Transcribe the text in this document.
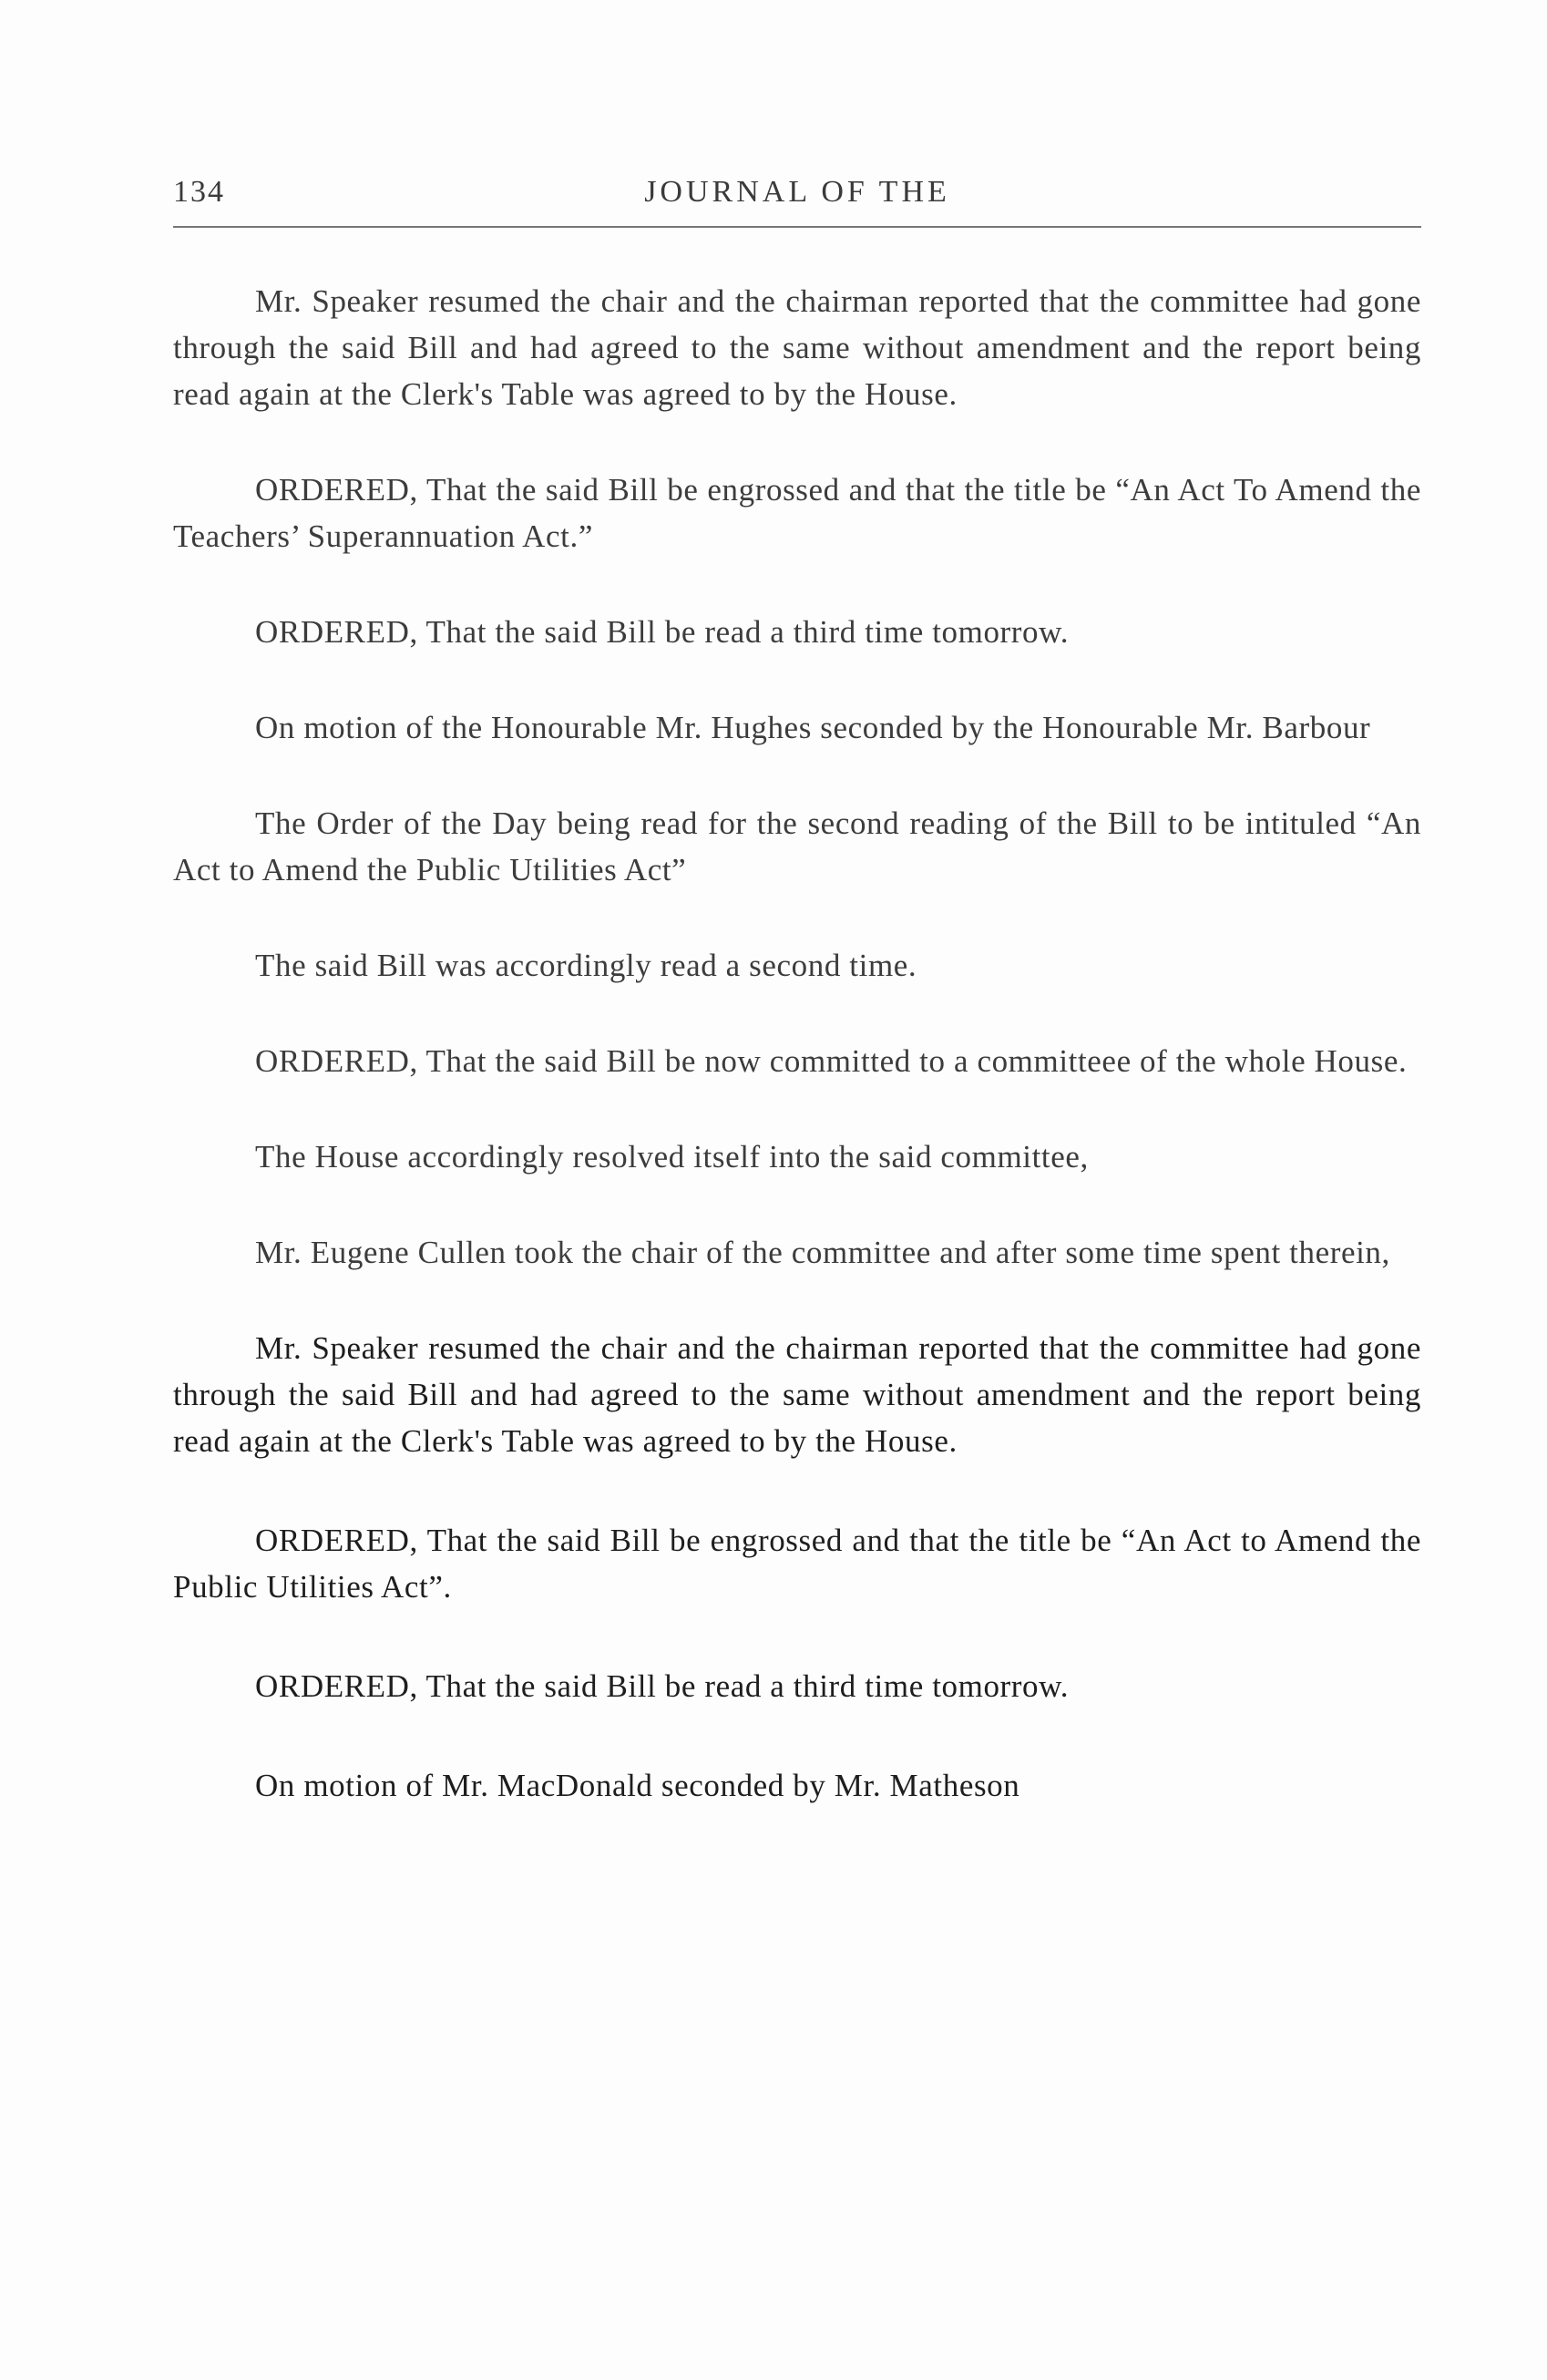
134	JOURNAL OF THE

Mr. Speaker resumed the chair and the chairman reported that the committee had gone through the said Bill and had agreed to the same without amendment and the report being read again at the Clerk's Table was agreed to by the House.

ORDERED, That the said Bill be engrossed and that the title be “An Act To Amend the Teachers’ Superannuation Act.”

ORDERED, That the said Bill be read a third time tomorrow.

On motion of the Honourable Mr. Hughes seconded by the Honourable Mr. Barbour

The Order of the Day being read for the second reading of the Bill to be intituled “An Act to Amend the Public Utilities Act”

The said Bill was accordingly read a second time.

ORDERED, That the said Bill be now committed to a committeee of the whole House.

The House accordingly resolved itself into the said committee,

Mr. Eugene Cullen took the chair of the committee and after some time spent therein,

Mr. Speaker resumed the chair and the chairman reported that the committee had gone through the said Bill and had agreed to the same without amendment and the report being read again at the Clerk's Table was agreed to by the House.

ORDERED, That the said Bill be engrossed and that the title be “An Act to Amend the Public Utilities Act”.

ORDERED, That the said Bill be read a third time tomorrow.

On motion of Mr. MacDonald seconded by Mr. Matheson
